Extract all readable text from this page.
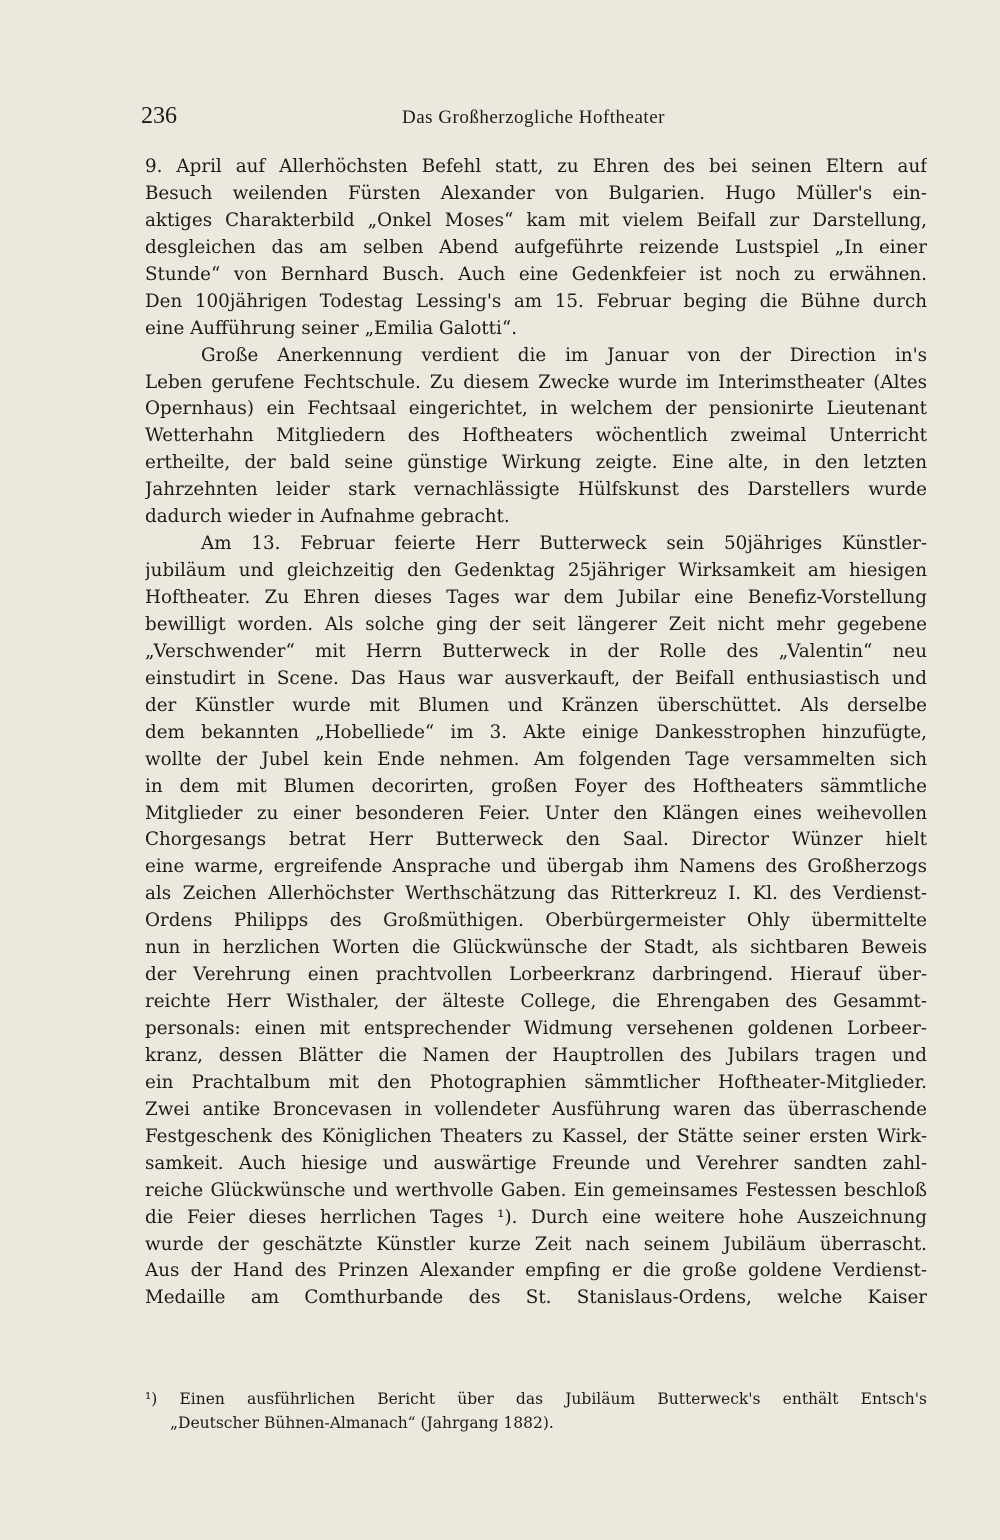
236	Das Großherzogliche Hoftheater
9. April auf Allerhöchsten Befehl statt, zu Ehren des bei seinen Eltern auf
Besuch weilenden Fürsten Alexander von Bulgarien. Hugo Müller's ein-
aktiges Charakterbild „Onkel Moses“ kam mit vielem Beifall zur Darstellung,
desgleichen das am selben Abend aufgeführte reizende Lustspiel „In einer
Stunde“ von Bernhard Busch. Auch eine Gedenkfeier ist noch zu erwähnen.
Den 100jährigen Todestag Lessing's am 15. Februar beging die Bühne durch
eine Aufführung seiner „Emilia Galotti“.
Große Anerkennung verdient die im Januar von der Direction in's
Leben gerufene Fechtschule. Zu diesem Zwecke wurde im Interimstheater (Altes
Opernhaus) ein Fechtsaal eingerichtet, in welchem der pensionirte Lieutenant
Wetterhahn Mitgliedern des Hoftheaters wöchentlich zweimal Unterricht
ertheilte, der bald seine günstige Wirkung zeigte. Eine alte, in den letzten
Jahrzehnten leider stark vernachlässigte Hülfskunst des Darstellers wurde
dadurch wieder in Aufnahme gebracht.
Am 13. Februar feierte Herr Butterweck sein 50jähriges Künstler-
jubiläum und gleichzeitig den Gedenktag 25jähriger Wirksamkeit am hiesigen
Hoftheater. Zu Ehren dieses Tages war dem Jubilar eine Benefiz-Vorstellung
bewilligt worden. Als solche ging der seit längerer Zeit nicht mehr gegebene
„Verschwender“ mit Herrn Butterweck in der Rolle des „Valentin“ neu
einstudirt in Scene. Das Haus war ausverkauft, der Beifall enthusiastisch und
der Künstler wurde mit Blumen und Kränzen überschüttet. Als derselbe
dem bekannten „Hobelliede“ im 3. Akte einige Dankesstrophen hinzufügte,
wollte der Jubel kein Ende nehmen. Am folgenden Tage versammelten sich
in dem mit Blumen decorirten, großen Foyer des Hoftheaters sämmtliche
Mitglieder zu einer besonderen Feier. Unter den Klängen eines weihevollen
Chorgesangs betrat Herr Butterweck den Saal. Director Wünzer hielt
eine warme, ergreifende Ansprache und übergab ihm Namens des Großherzogs
als Zeichen Allerhöchster Werthschätzung das Ritterkreuz I. Kl. des Verdienst-
Ordens Philipps des Großmüthigen. Oberbürgermeister Ohly übermittelte
nun in herzlichen Worten die Glückwünsche der Stadt, als sichtbaren Beweis
der Verehrung einen prachtvollen Lorbeerkranz darbringend. Hierauf über-
reichte Herr Wisthaler, der älteste College, die Ehrengaben des Gesammt-
personals: einen mit entsprechender Widmung versehenen goldenen Lorbeer-
kranz, dessen Blätter die Namen der Hauptrollen des Jubilars tragen und
ein Prachtalbum mit den Photographien sämmtlicher Hoftheater-Mitglieder.
Zwei antike Broncevasen in vollendeter Ausführung waren das überraschende
Festgeschenk des Königlichen Theaters zu Kassel, der Stätte seiner ersten Wirk-
samkeit. Auch hiesige und auswärtige Freunde und Verehrer sandten zahl-
reiche Glückwünsche und werthvolle Gaben. Ein gemeinsames Festessen beschloß
die Feier dieses herrlichen Tages ¹). Durch eine weitere hohe Auszeichnung
wurde der geschätzte Künstler kurze Zeit nach seinem Jubiläum überrascht.
Aus der Hand des Prinzen Alexander empfing er die große goldene Verdienst-
Medaille am Comthurbande des St. Stanislaus-Ordens, welche Kaiser
¹) Einen ausführlichen Bericht über das Jubiläum Butterweck's enthält Entsch's
„Deutscher Bühnen-Almanach“ (Jahrgang 1882).
